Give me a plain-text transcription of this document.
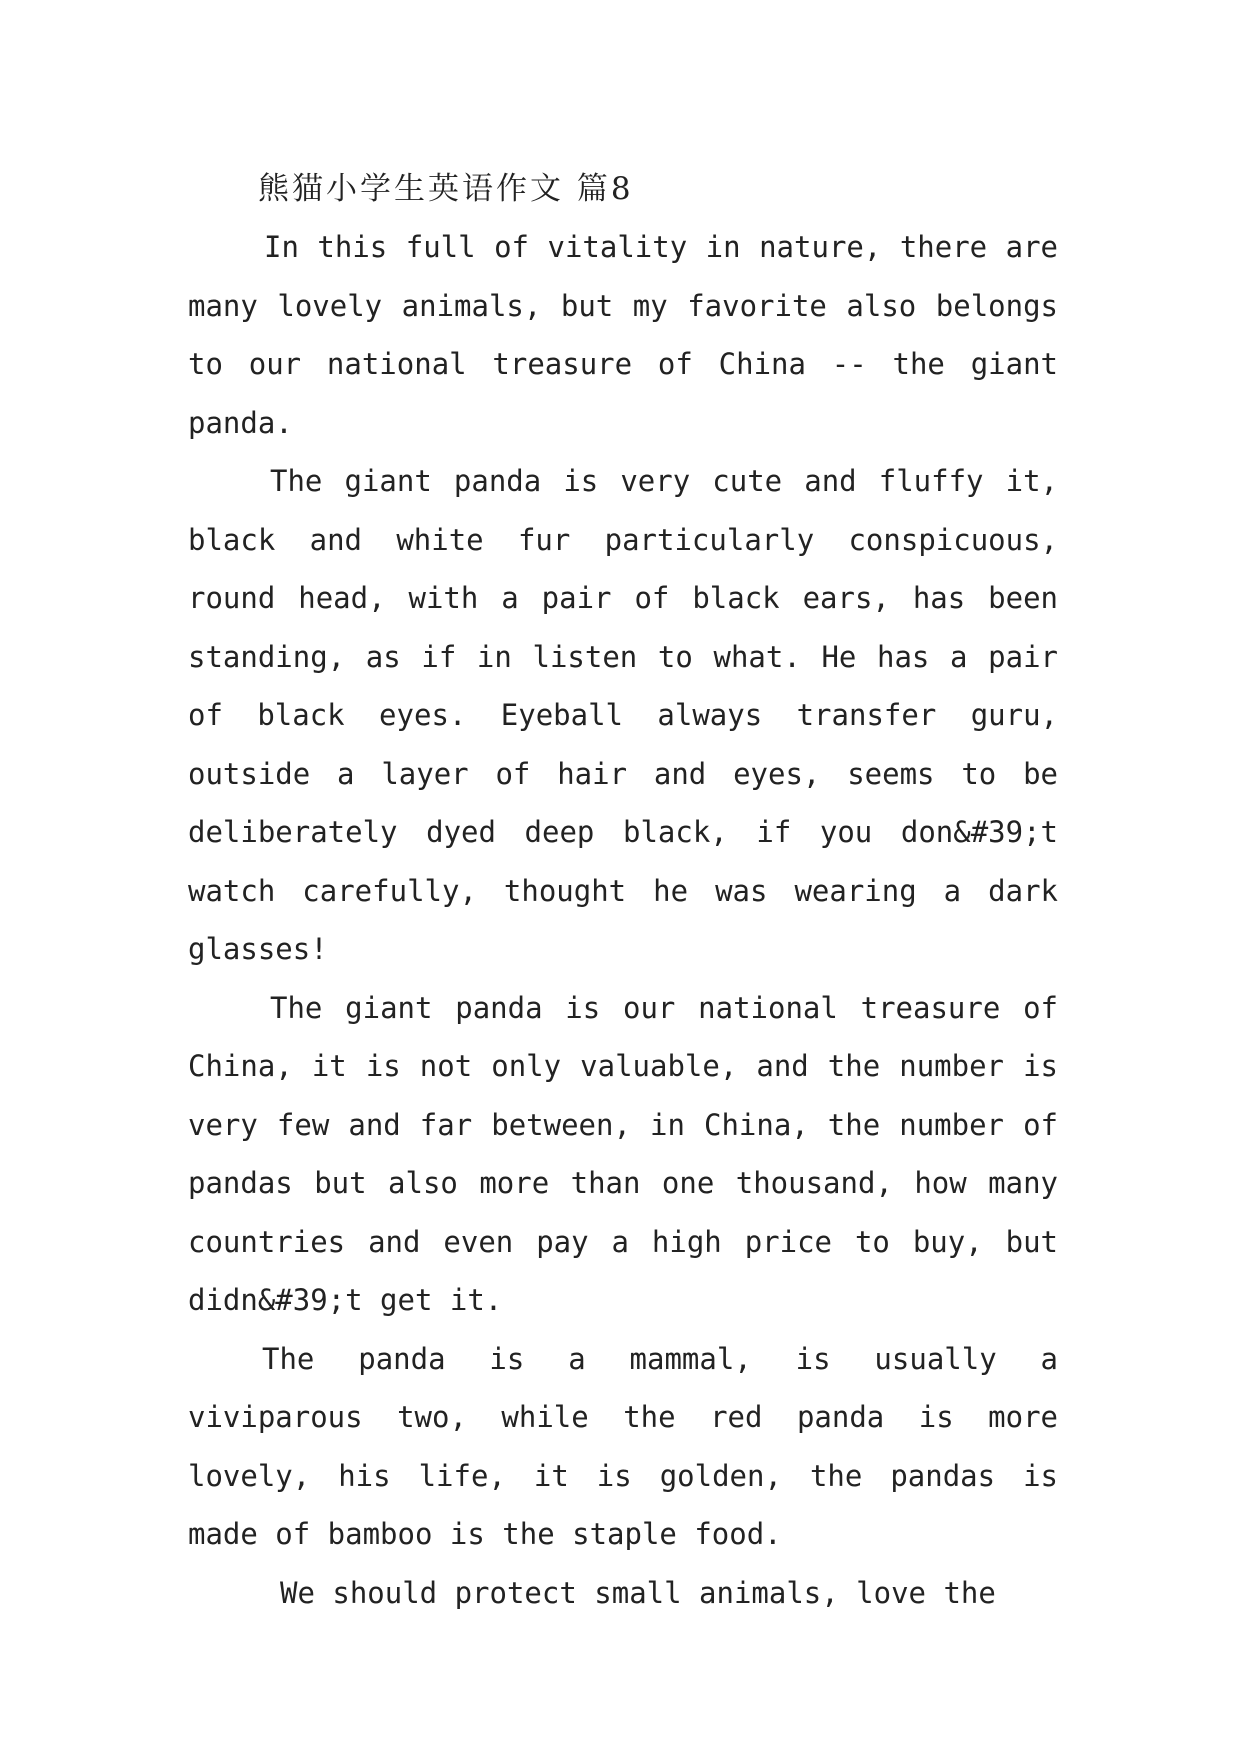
熊猫小学生英语作文 篇8

In this full of vitality in nature, there are many lovely animals, but my favorite also belongs to our national treasure of China -- the giant panda.

The giant panda is very cute and fluffy it, black and white fur particularly conspicuous, round head, with a pair of black ears, has been standing, as if in listen to what. He has a pair of black eyes. Eyeball always transfer guru, outside a layer of hair and eyes, seems to be deliberately dyed deep black, if you don&#39;t watch carefully, thought he was wearing a dark glasses!

The giant panda is our national treasure of China, it is not only valuable, and the number is very few and far between, in China, the number of pandas but also more than one thousand, how many countries and even pay a high price to buy, but didn&#39;t get it.

The panda is a mammal, is usually a viviparous two, while the red panda is more lovely, his life, it is golden, the pandas is made of bamboo is the staple food.

We should protect small animals, love the
